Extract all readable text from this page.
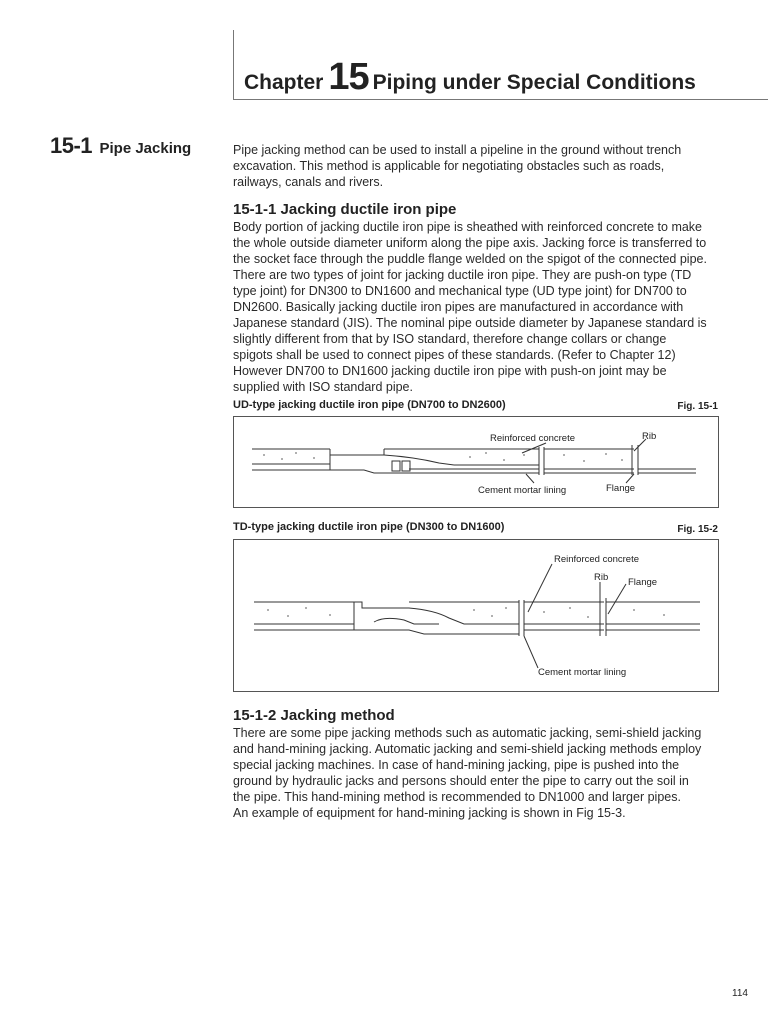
Chapter 15 Piping under Special Conditions
15-1 Pipe Jacking	Pipe jacking method can be used to install a pipeline in the ground without trench
excavation. This method is applicable for negotiating obstacles such as roads,
railways, canals and rivers.
15-1-1 Jacking ductile iron pipe
Body portion of jacking ductile iron pipe is sheathed with reinforced concrete to make
the whole outside diameter uniform along the pipe axis. Jacking force is transferred to
the socket face through the puddle flange welded on the spigot of the connected pipe.
There are two types of joint for jacking ductile iron pipe. They are push-on type (TD
type joint) for DN300 to DN1600 and mechanical type (UD type joint) for DN700 to
DN2600. Basically jacking ductile iron pipes are manufactured in accordance with
Japanese standard (JIS). The nominal pipe outside diameter by Japanese standard is
slightly different from that by ISO standard, therefore change collars or change
spigots shall be used to connect pipes of these standards. (Refer to Chapter 12)
However DN700 to DN1600 jacking ductile iron pipe with push-on joint may be
supplied with ISO standard pipe.
UD-type jacking ductile iron pipe (DN700 to DN2600)	Fig. 15-1
Reinforced concrete	Rib
Cement mortar lining	Flange
TD-type jacking ductile iron pipe (DN300 to DN1600)	Fig. 15-2
Reinforced concrete
Rib Flange
Cement mortar lining
15-1-2 Jacking method
There are some pipe jacking methods such as automatic jacking, semi-shield jacking
and hand-mining jacking. Automatic jacking and semi-shield jacking methods employ
special jacking machines. In case of hand-mining jacking, pipe is pushed into the
ground by hydraulic jacks and persons should enter the pipe to carry out the soil in
the pipe. This hand-mining method is recommended to DN1000 and larger pipes.
An example of equipment for hand-mining jacking is shown in Fig 15-3.
114
